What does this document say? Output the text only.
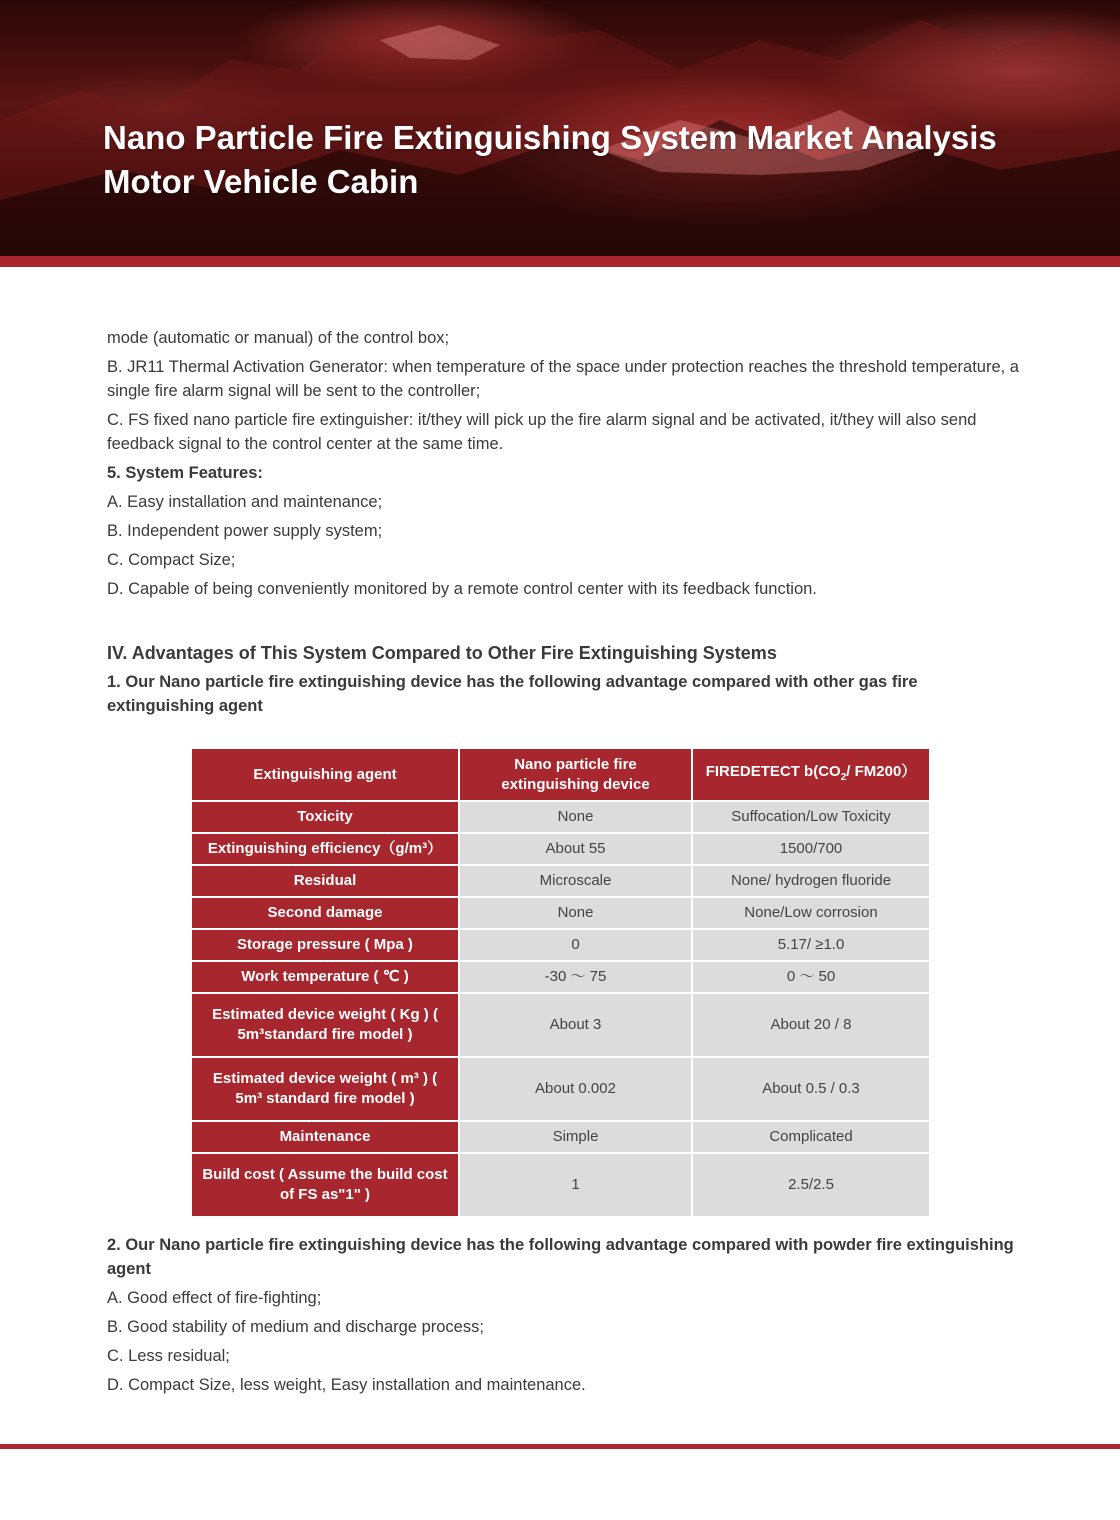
Nano Particle Fire Extinguishing System Market Analysis
Motor Vehicle Cabin

mode (automatic or manual) of the control box;

B. JR11 Thermal Activation Generator: when temperature of the space under protection reaches the threshold temperature, a single fire alarm signal will be sent to the controller;

C. FS fixed nano particle fire extinguisher: it/they will pick up the fire alarm signal and be activated, it/they will also send feedback signal to the control center at the same time.

5. System Features:

A. Easy installation and maintenance;

B. Independent power supply system;

C. Compact Size;

D. Capable of being conveniently monitored by a remote control center with its feedback function.

IV. Advantages of This System Compared to Other Fire Extinguishing Systems

1. Our Nano particle fire extinguishing device has the following advantage compared with other gas fire extinguishing agent

Extinguishing agent	Nano particle fire extinguishing device	FIREDETECT $b(CO_2/$ FM200）
Toxicity	None	Suffocation/Low Toxicity
Extinguishing efficiency（g/m³）	About 55	1500/700
Residual	Microscale	None/ hydrogen fluoride
Second damage	None	None/Low corrosion
Storage pressure ( Mpa )	0	5.17/ ≥1.0
Work temperature ( ℃ )	-30 ～ 75	0 ～ 50
Estimated device weight ( Kg ) ( 5m³standard fire model )	About 3	About 20 / 8
Estimated device weight ( m³ ) ( 5m³ standard fire model )	About 0.002	About 0.5 / 0.3
Maintenance	Simple	Complicated
Build cost ( Assume the build cost of FS as"1" )	1	2.5/2.5

2. Our Nano particle fire extinguishing device has the following advantage compared with powder fire extinguishing agent

A. Good effect of fire-fighting;

B. Good stability of medium and discharge process;

C. Less residual;

D. Compact Size, less weight, Easy installation and maintenance.
